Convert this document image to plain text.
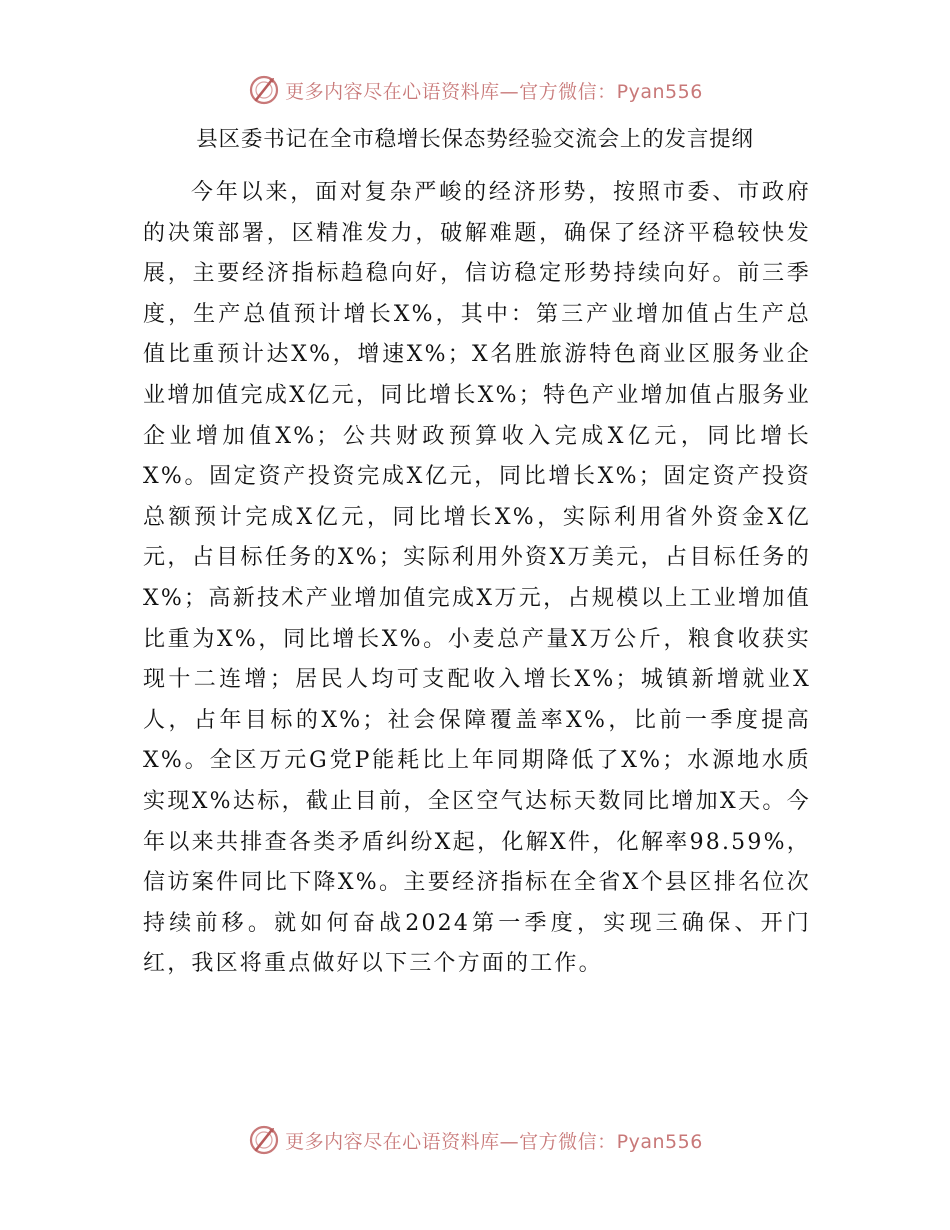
更多内容尽在心语资料库—官方微信：Pyan556
县区委书记在全市稳增长保态势经验交流会上的发言提纲

今年以来，面对复杂严峻的经济形势，按照市委、市政府的决策部署，区精准发力，破解难题，确保了经济平稳较快发展，主要经济指标趋稳向好，信访稳定形势持续向好。前三季度，生产总值预计增长X%，其中：第三产业增加值占生产总值比重预计达X%，增速X%；X名胜旅游特色商业区服务业企业增加值完成X亿元，同比增长X%；特色产业增加值占服务业企业增加值X%；公共财政预算收入完成X亿元，同比增长X%。固定资产投资完成X亿元，同比增长X%；固定资产投资总额预计完成X亿元，同比增长X%，实际利用省外资金X亿元，占目标任务的X%；实际利用外资X万美元，占目标任务的X%；高新技术产业增加值完成X万元，占规模以上工业增加值比重为X%，同比增长X%。小麦总产量X万公斤，粮食收获实现十二连增；居民人均可支配收入增长X%；城镇新增就业X人，占年目标的X%；社会保障覆盖率X%，比前一季度提高X%。全区万元G党P能耗比上年同期降低了X%；水源地水质实现X%达标，截止目前，全区空气达标天数同比增加X天。今年以来共排查各类矛盾纠纷X起，化解X件，化解率98.59%，信访案件同比下降X%。主要经济指标在全省X个县区排名位次持续前移。就如何奋战2024第一季度，实现三确保、开门红，我区将重点做好以下三个方面的工作。

更多内容尽在心语资料库—官方微信：Pyan556
